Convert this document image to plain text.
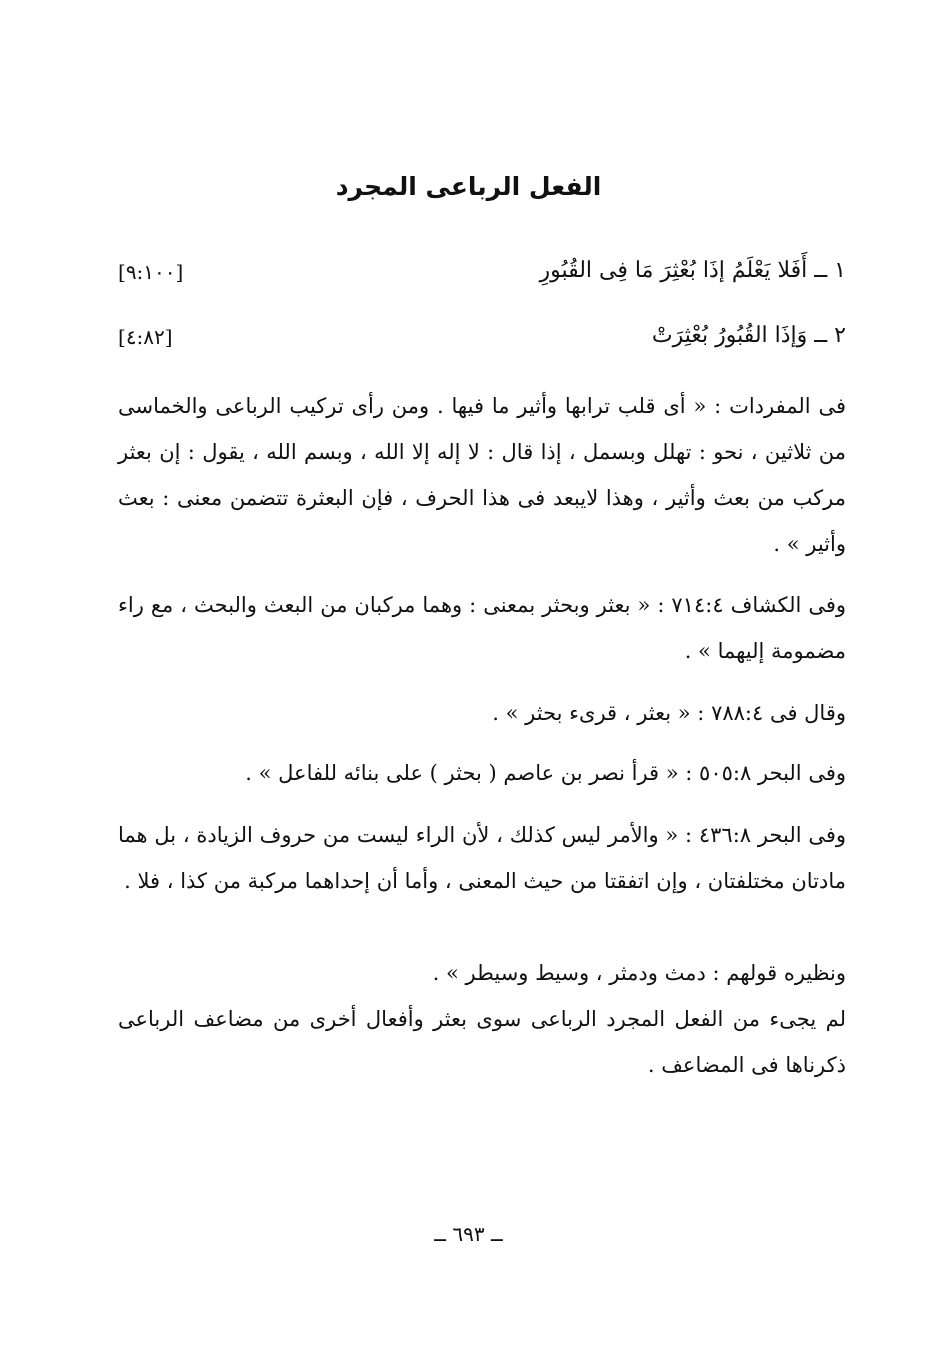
الفعل الرباعى المجرد
١ ــ أَفَلا يَعْلَمُ إذَا بُعْثِرَ مَا فِى القُبُورِ
[٩:١٠٠]
٢ ــ وَإذَا القُبُورُ بُعْثِرَتْ
[٤:٨٢]

فى المفردات : « أى قلب ترابها وأثير ما فيها . ومن رأى تركيب الرباعى والخماسى من ثلاثين ، نحو : تهلل وبسمل ، إذا قال : لا إله إلا الله ، وبسم الله ، يقول : إن بعثر مركب من بعث وأثير ، وهذا لايبعد فى هذا الحرف ، فإن البعثرة تتضمن معنى : بعث وأثير » .

وفى الكشاف ٧١٤:٤ : « بعثر وبحثر بمعنى : وهما مركبان من البعث والبحث ، مع راء مضمومة إليهما » .

وقال فى ٧٨٨:٤ : « بعثر ، قرىء بحثر » .

وفى البحر ٥٠٥:٨ : « قرأ نصر بن عاصم ( بحثر ) على بنائه للفاعل » .

وفى البحر ٤٣٦:٨ : « والأمر ليس كذلك ، لأن الراء ليست من حروف الزيادة ، بل هما مادتان مختلفتان ، وإن اتفقتا من حيث المعنى ، وأما أن إحداهما مركبة من كذا ، فلا .

ونظيره قولهم : دمث ودمثر ، وسيط وسيطر » .

لم يجىء من الفعل المجرد الرباعى سوى بعثر وأفعال أخرى من مضاعف الرباعى ذكرناها فى المضاعف .

ــ ٦٩٣ ــ
